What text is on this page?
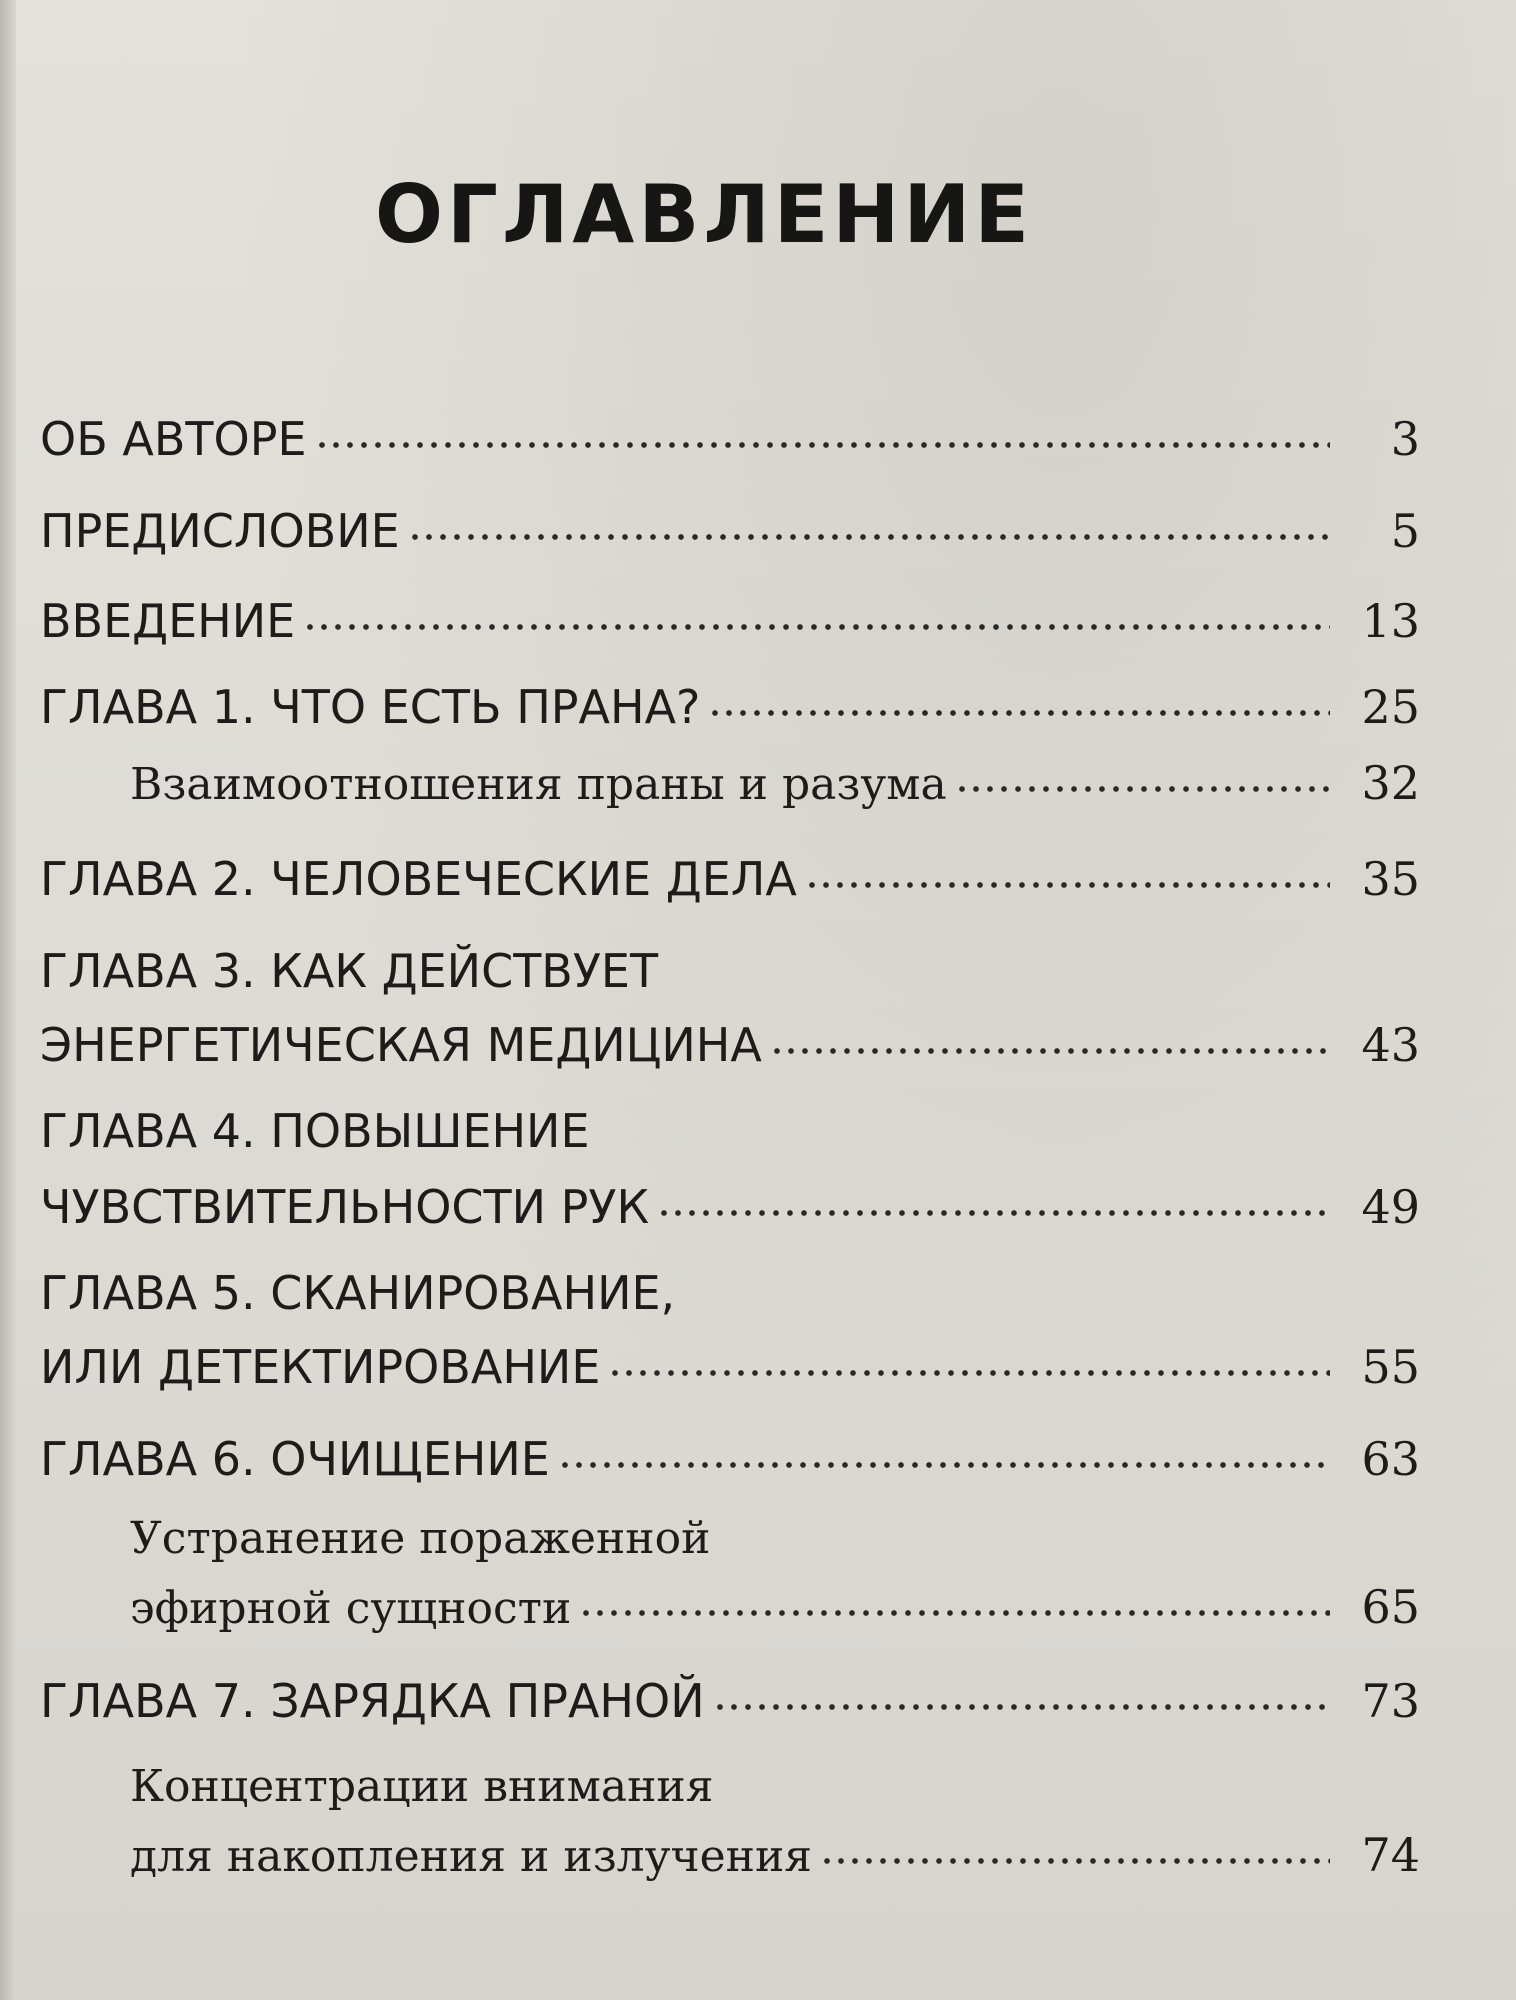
ОГЛАВЛЕНИЕ
ОБ АВТОРЕ	3
ПРЕДИСЛОВИЕ	5
ВВЕДЕНИЕ	13
ГЛАВА 1. ЧТО ЕСТЬ ПРАНА?	25
Взаимоотношения праны и разума	32
ГЛАВА 2. ЧЕЛОВЕЧЕСКИЕ ДЕЛА	35
ГЛАВА 3. КАК ДЕЙСТВУЕТ
ЭНЕРГЕТИЧЕСКАЯ МЕДИЦИНА	43
ГЛАВА 4. ПОВЫШЕНИЕ
ЧУВСТВИТЕЛЬНОСТИ РУК	49
ГЛАВА 5. СКАНИРОВАНИЕ,
ИЛИ ДЕТЕКТИРОВАНИЕ	55
ГЛАВА 6. ОЧИЩЕНИЕ	63
Устранение пораженной
эфирной сущности	65
ГЛАВА 7. ЗАРЯДКА ПРАНОЙ	73
Концентрации внимания
для накопления и излучения	74
